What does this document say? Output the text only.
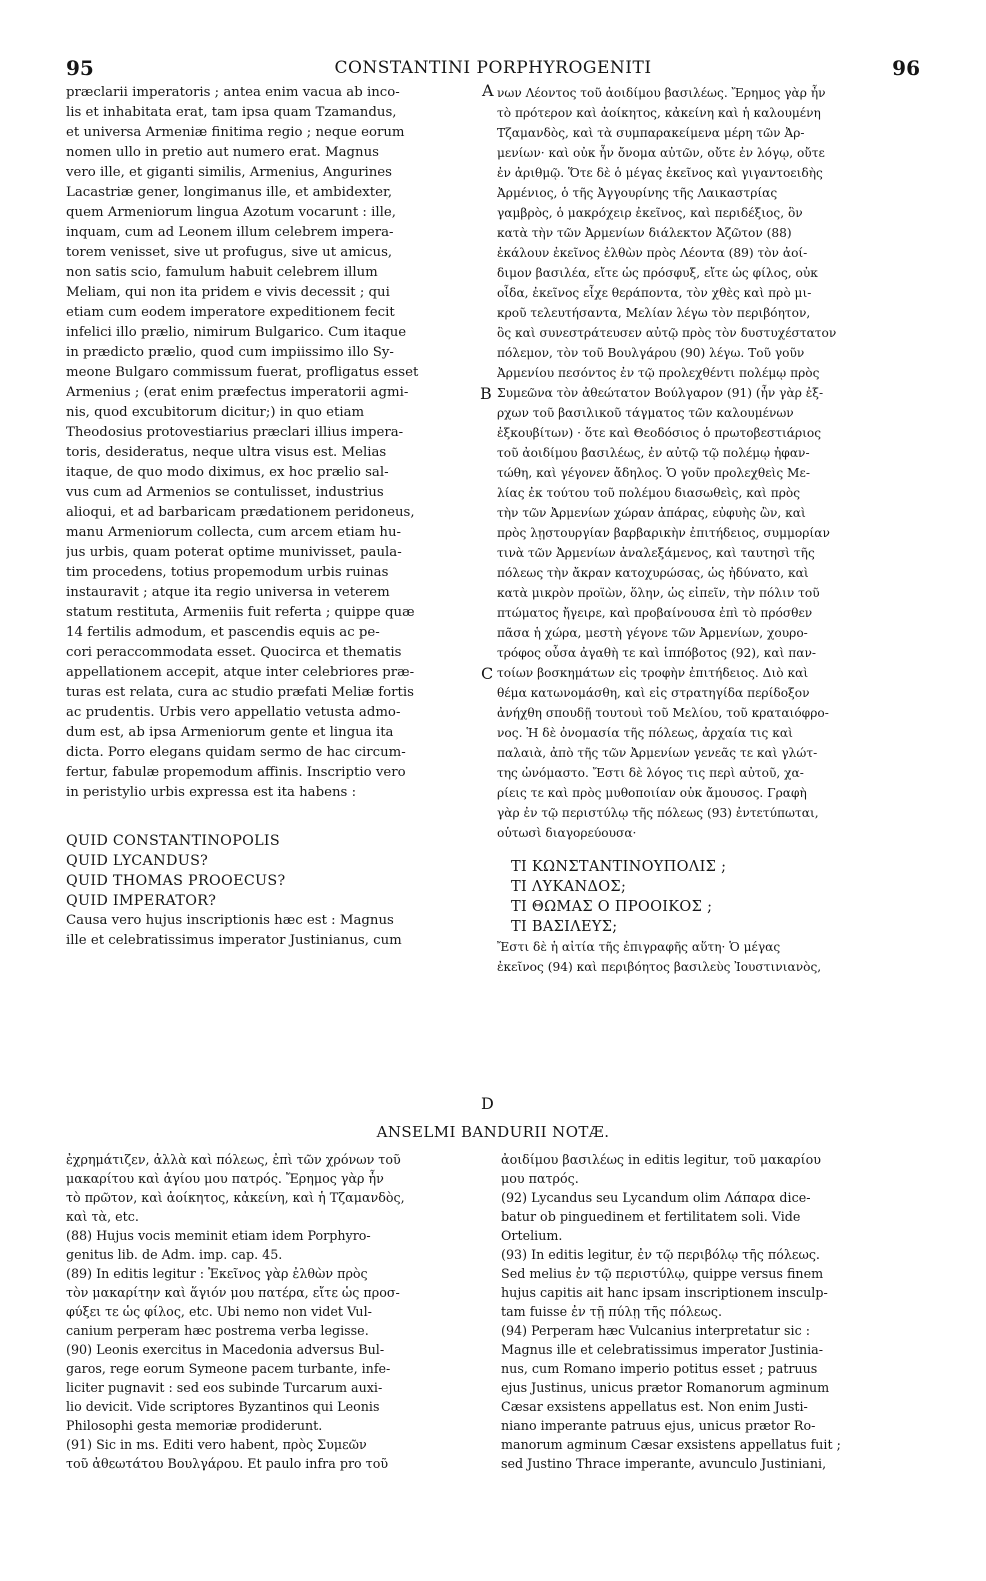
95	CONSTANTINI PORPHYROGENITI	96
præclarii imperatoris ; antea enim vacua ab inco-
lis et inhabitata erat, tam ipsa quam Tzamandus,
et universa Armeniæ finitima regio ; neque eorum
nomen ullo in pretio aut numero erat. Magnus
vero ille, et giganti similis, Armenius, Angurines
Lacastriæ gener, longimanus ille, et ambidexter,
quem Armeniorum lingua Azotum vocarunt : ille,
inquam, cum ad Leonem illum celebrem impera-
torem venisset, sive ut profugus, sive ut amicus,
non satis scio, famulum habuit celebrem illum
Meliam, qui non ita pridem e vivis decessit ; qui
etiam cum eodem imperatore expeditionem fecit
infelici illo prælio, nimirum Bulgarico. Cum itaque
in prædicto prælio, quod cum impiissimo illo Sy-
meone Bulgaro commissum fuerat, profligatus esset
Armenius ; (erat enim præfectus imperatorii agmi-
nis, quod excubitorum dicitur;) in quo etiam
Theodosius protovestiarius præclari illius impera-
toris, desideratus, neque ultra visus est. Melias
itaque, de quo modo diximus, ex hoc prælio sal-
vus cum ad Armenios se contulisset, industrius
alioqui, et ad barbaricam prædationem peridoneus,
manu Armeniorum collecta, cum arcem etiam hu-
jus urbis, quam poterat optime munivisset, paula-
tim procedens, totius propemodum urbis ruinas
instauravit ; atque ita regio universa in veterem
statum restituta, Armeniis fuit referta ; quippe quæ
14 fertilis admodum, et pascendis equis ac pe-
cori peraccommodata esset. Quocirca et thematis
appellationem accepit, atque inter celebriores præ-
turas est relata, cura ac studio præfati Meliæ fortis
ac prudentis. Urbis vero appellatio vetusta admo-
dum est, ab ipsa Armeniorum gente et lingua ita
dicta. Porro elegans quidam sermo de hac circum-
fertur, fabulæ propemodum affinis. Inscriptio vero
in peristylio urbis expressa est ita habens :
QUID CONSTANTINOPOLIS
QUID LYCANDUS?
QUID THOMAS PROOECUS?
QUID IMPERATOR?
Causa vero hujus inscriptionis hæc est : Magnus
ille et celebratissimus imperator Justinianus, cum
νων Λέοντος τοῦ ἀοιδίμου βασιλέως. Ἔρημος γὰρ ἦν
τὸ πρότερον καὶ ἀοίκητος, κἀκείνη καὶ ἡ καλουμένη
Τζαμανδὸς, καὶ τὰ συμπαρακείμενα μέρη τῶν Ἀρ-
μενίων· καὶ οὐκ ἦν ὄνομα αὐτῶν, οὔτε ἐν λόγῳ, οὔτε
ἐν ἀριθμῷ. Ὅτε δὲ ὁ μέγας ἐκεῖνος καὶ γιγαντοειδὴς
Ἀρμένιος, ὁ τῆς Ἀγγουρίνης τῆς Λαικαστρίας
γαμβρὸς, ὁ μακρόχειρ ἐκεῖνος, καὶ περιδέξιος, ὃν
κατὰ τὴν τῶν Ἀρμενίων διάλεκτον Ἀζῶτον (88)
ἐκάλουν ἐκεῖνος ἐλθὼν πρὸς Λέοντα (89) τὸν ἀοί-
διμον βασιλέα, εἴτε ὡς πρόσφυξ, εἴτε ὡς φίλος, οὐκ
οἶδα, ἐκεῖνος εἶχε θεράποντα, τὸν χθὲς καὶ πρὸ μι-
κροῦ τελευτήσαντα, Μελίαν λέγω τὸν περιβόητον,
ὃς καὶ συνεστράτευσεν αὐτῷ πρὸς τὸν δυστυχέστατον
πόλεμον, τὸν τοῦ Βουλγάρου (90) λέγω. Τοῦ γοῦν
Ἀρμενίου πεσόντος ἐν τῷ προλεχθέντι πολέμῳ πρὸς
Συμεῶνα τὸν ἀθεώτατον Βούλγαρον (91) (ἦν γὰρ ἐξ-
ρχων τοῦ βασιλικοῦ τάγματος τῶν καλουμένων
ἐξκουβίτων) · ὅτε καὶ Θεοδόσιος ὁ πρωτοβεστιάριος
τοῦ ἀοιδίμου βασιλέως, ἐν αὐτῷ τῷ πολέμῳ ἠφαν-
τώθη, καὶ γέγονεν ἄδηλος. Ὁ γοῦν προλεχθεὶς Με-
λίας ἐκ τούτου τοῦ πολέμου διασωθεὶς, καὶ πρὸς
τὴν τῶν Ἀρμενίων χώραν ἀπάρας, εὐφυὴς ὢν, καὶ
πρὸς λῃστουργίαν βαρβαρικὴν ἐπιτήδειος, συμμορίαν
τινὰ τῶν Ἀρμενίων ἀναλεξάμενος, καὶ ταυτησὶ τῆς
πόλεως τὴν ἄκραν κατοχυρώσας, ὡς ἠδύνατο, καὶ
κατὰ μικρὸν προϊὼν, ὅλην, ὡς εἰπεῖν, τὴν πόλιν τοῦ
πτώματος ἤγειρε, καὶ προβαίνουσα ἐπὶ τὸ πρόσθεν
πᾶσα ἡ χώρα, μεστὴ γέγονε τῶν Ἀρμενίων, χουρο-
τρόφος οὖσα ἀγαθὴ τε καὶ ἱππόβοτος (92), καὶ παν-
τοίων βοσκημάτων εἰς τροφὴν ἐπιτήδειος. Διὸ καὶ
θέμα κατωνομάσθη, καὶ εἰς στρατηγίδα περίδοξον
ἀνήχθη σπουδῇ τουτουὶ τοῦ Μελίου, τοῦ κραταιόφρο-
νος. Ἡ δὲ ὀνομασία τῆς πόλεως, ἀρχαία τις καὶ
παλαιὰ, ἀπὸ τῆς τῶν Ἀρμενίων γενεᾶς τε καὶ γλώτ-
της ὠνόμαστο. Ἔστι δὲ λόγος τις περὶ αὐτοῦ, χα-
ρίεις τε καὶ πρὸς μυθοποιίαν οὐκ ἄμουσος. Γραφὴ
γὰρ ἐν τῷ περιστύλῳ τῆς πόλεως (93) ἐντετύπωται,
οὑτωσὶ διαγορεύουσα·
ΤΙ ΚΩΝΣΤΑΝΤΙΝΟΥΠΟΛΙΣ ;
ΤΙ ΛΥΚΑΝΔΟΣ;
ΤΙ ΘΩΜΑΣ Ο ΠΡΟΟΙΚΟΣ ;
ΤΙ ΒΑΣΙΛΕΥΣ;
Ἔστι δὲ ἡ αἰτία τῆς ἐπιγραφῆς αὕτη· Ὁ μέγας
ἐκεῖνος (94) καὶ περιβόητος βασιλεὺς Ἰουστινιανὸς,
A
B
C
D
ANSELMI BANDURII NOTÆ.
ἐχρημάτιζεν, ἀλλὰ καὶ πόλεως, ἐπὶ τῶν χρόνων τοῦ
μακαρίτου καὶ ἁγίου μου πατρός. Ἔρημος γὰρ ἦν
τὸ πρῶτον, καὶ ἀοίκητος, κἀκείνη, καὶ ἡ Τζαμανδὸς,
καὶ τὰ, etc.
(88) Hujus vocis meminit etiam idem Porphyro-
genitus lib. de Adm. imp. cap. 45.
(89) In editis legitur : Ἐκεῖνος γὰρ ἐλθὼν πρὸς
τὸν μακαρίτην καὶ ἅγιόν μου πατέρα, εἴτε ὡς προσ-
φύξει τε ὡς φίλος, etc. Ubi nemo non videt Vul-
canium perperam hæc postrema verba legisse.
(90) Leonis exercitus in Macedonia adversus Bul-
garos, rege eorum Symeone pacem turbante, infe-
liciter pugnavit : sed eos subinde Turcarum auxi-
lio devicit. Vide scriptores Byzantinos qui Leonis
Philosophi gesta memoriæ prodiderunt.
(91) Sic in ms. Editi vero habent, πρὸς Συμεῶν
τοῦ ἀθεωτάτου Βουλγάρου. Et paulo infra pro τοῦ
ἀοιδίμου βασιλέως in editis legitur, τοῦ μακαρίου
μου πατρός.
(92) Lycandus seu Lycandum olim Λάπαρα dice-
batur ob pinguedinem et fertilitatem soli. Vide
Ortelium.
(93) In editis legitur, ἐν τῷ περιβόλῳ τῆς πόλεως.
Sed melius ἐν τῷ περιστύλῳ, quippe versus finem
hujus capitis ait hanc ipsam inscriptionem insculp-
tam fuisse ἐν τῇ πύλῃ τῆς πόλεως.
(94) Perperam hæc Vulcanius interpretatur sic :
Magnus ille et celebratissimus imperator Justinia-
nus, cum Romano imperio potitus esset ; patruus
ejus Justinus, unicus prætor Romanorum agminum
Cæsar exsistens appellatus est. Non enim Justi-
niano imperante patruus ejus, unicus prætor Ro-
manorum agminum Cæsar exsistens appellatus fuit ;
sed Justino Thrace imperante, avunculo Justiniani,
